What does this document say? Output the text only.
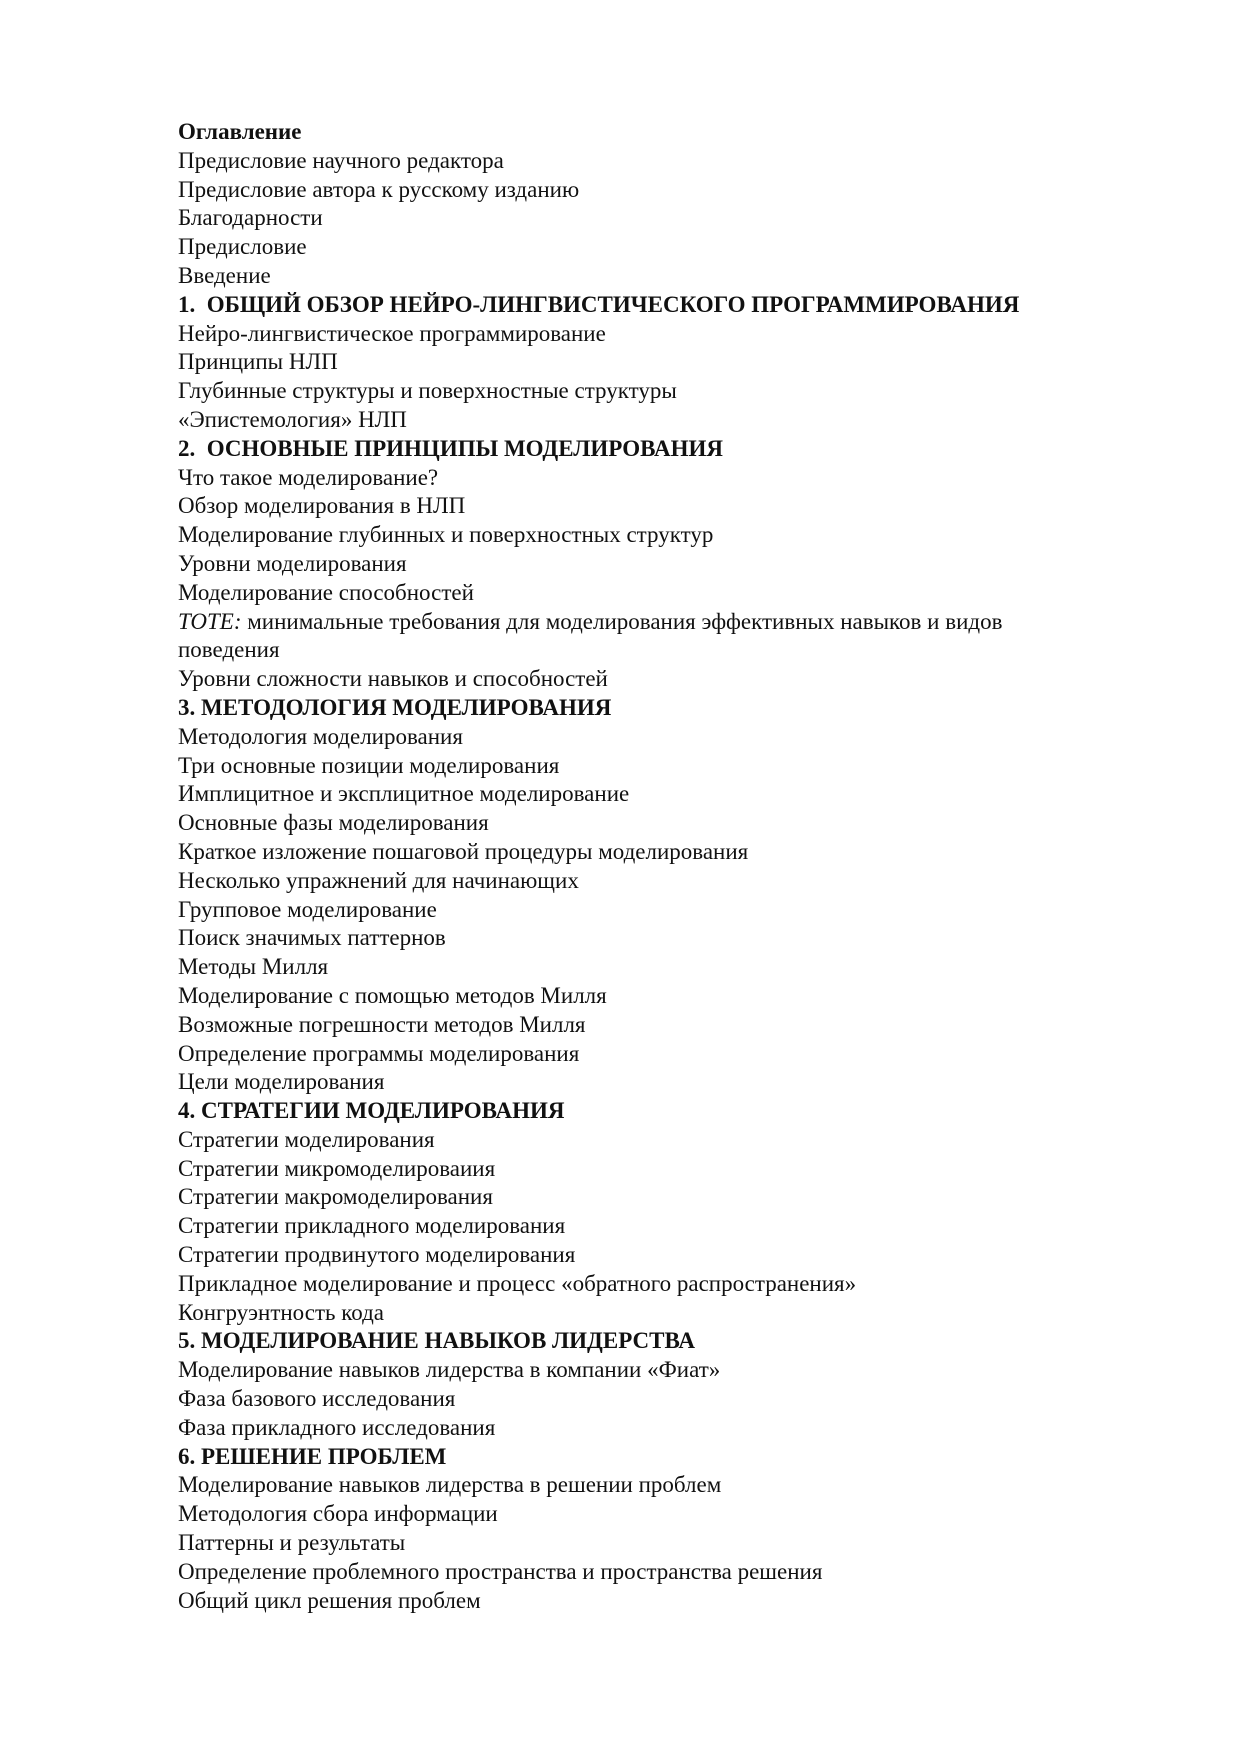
Оглавление
Предисловие научного редактора
Предисловие автора к русскому изданию
Благодарности
Предисловие
Введение
1. ОБЩИЙ ОБЗОР НЕЙРО-ЛИНГВИСТИЧЕСКОГО ПРОГРАММИРОВАНИЯ
Нейро-лингвистическое программирование
Принципы НЛП
Глубинные структуры и поверхностные структуры
«Эпистемология» НЛП
2. ОСНОВНЫЕ ПРИНЦИПЫ МОДЕЛИРОВАНИЯ
Что такое моделирование?
Обзор моделирования в НЛП
Моделирование глубинных и поверхностных структур
Уровни моделирования
Моделирование способностей
TOTE: минимальные требования для моделирования эффективных навыков и видов поведения
Уровни сложности навыков и способностей
3. МЕТОДОЛОГИЯ МОДЕЛИРОВАНИЯ
Методология моделирования
Три основные позиции моделирования
Имплицитное и эксплицитное моделирование
Основные фазы моделирования
Краткое изложение пошаговой процедуры моделирования
Несколько упражнений для начинающих
Групповое моделирование
Поиск значимых паттернов
Методы Милля
Моделирование с помощью методов Милля
Возможные погрешности методов Милля
Определение программы моделирования
Цели моделирования
4. СТРАТЕГИИ МОДЕЛИРОВАНИЯ
Стратегии моделирования
Стратегии микромоделироваиия
Стратегии макромоделирования
Стратегии прикладного моделирования
Стратегии продвинутого моделирования
Прикладное моделирование и процесс «обратного распространения»
Конгруэнтность кода
5. МОДЕЛИРОВАНИЕ НАВЫКОВ ЛИДЕРСТВА
Моделирование навыков лидерства в компании «Фиат»
Фаза базового исследования
Фаза прикладного исследования
6. РЕШЕНИЕ ПРОБЛЕМ
Моделирование навыков лидерства в решении проблем
Методология сбора информации
Паттерны и результаты
Определение проблемного пространства и пространства решения
Общий цикл решения проблем
